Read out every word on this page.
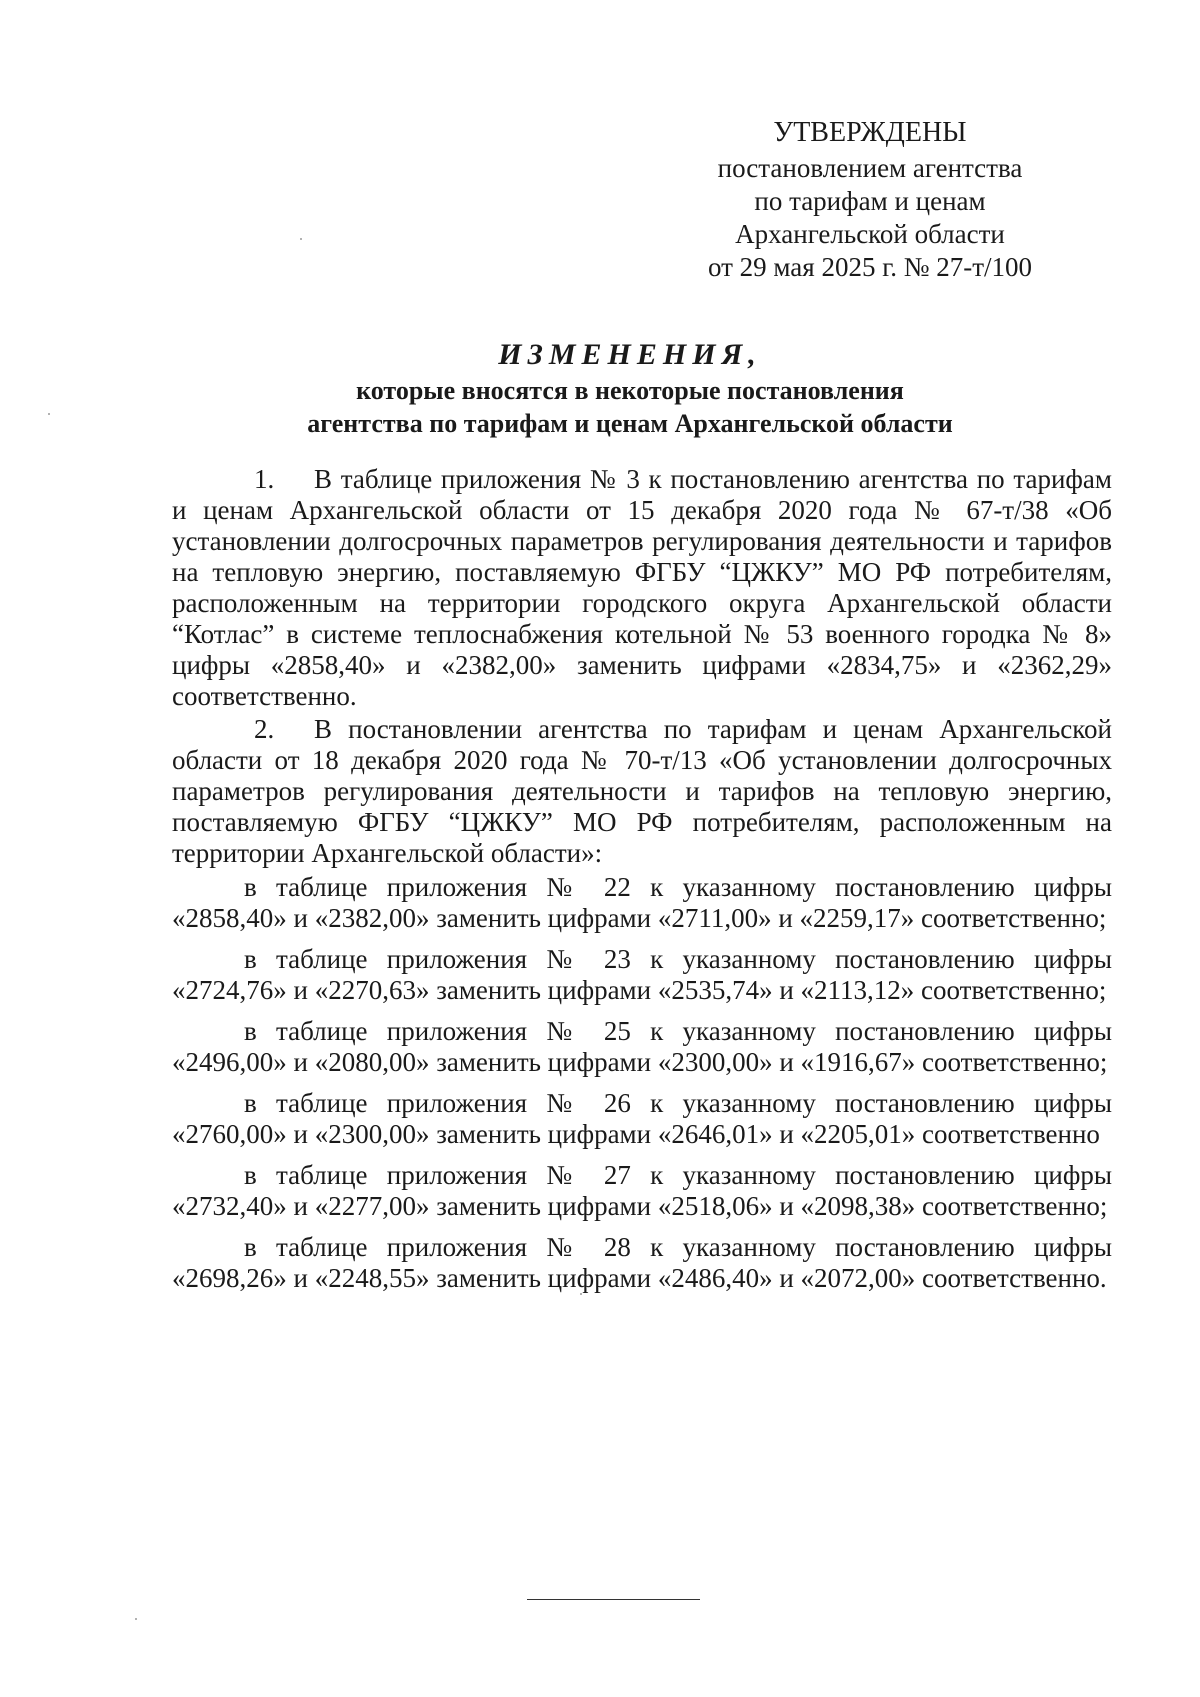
УТВЕРЖДЕНЫ
постановлением агентства
по тарифам и ценам
Архангельской области
от 29 мая 2025 г. № 27-т/100
ИЗМЕНЕНИЯ,
которые вносятся в некоторые постановления
агентства по тарифам и ценам Архангельской области

1. В таблице приложения № 3 к постановлению агентства по тарифам и ценам Архангельской области от 15 декабря 2020 года № 67-т/38 «Об установлении долгосрочных параметров регулирования деятельности и тарифов на тепловую энергию, поставляемую ФГБУ “ЦЖКУ” МО РФ потребителям, расположенным на территории городского округа Архангельской области “Котлас” в системе теплоснабжения котельной № 53 военного городка № 8» цифры «2858,40» и «2382,00» заменить цифрами «2834,75» и «2362,29» соответственно.

2. В постановлении агентства по тарифам и ценам Архангельской области от 18 декабря 2020 года № 70-т/13 «Об установлении долгосрочных параметров регулирования деятельности и тарифов на тепловую энергию, поставляемую ФГБУ “ЦЖКУ” МО РФ потребителям, расположенным на территории Архангельской области»:

в таблице приложения № 22 к указанному постановлению цифры «2858,40» и «2382,00» заменить цифрами «2711,00» и «2259,17» соответственно;

в таблице приложения № 23 к указанному постановлению цифры «2724,76» и «2270,63» заменить цифрами «2535,74» и «2113,12» соответственно;

в таблице приложения № 25 к указанному постановлению цифры «2496,00» и «2080,00» заменить цифрами «2300,00» и «1916,67» соответственно;

в таблице приложения № 26 к указанному постановлению цифры «2760,00» и «2300,00» заменить цифрами «2646,01» и «2205,01» соответственно

в таблице приложения № 27 к указанному постановлению цифры «2732,40» и «2277,00» заменить цифрами «2518,06» и «2098,38» соответственно;

в таблице приложения № 28 к указанному постановлению цифры «2698,26» и «2248,55» заменить цифрами «2486,40» и «2072,00» соответственно.
